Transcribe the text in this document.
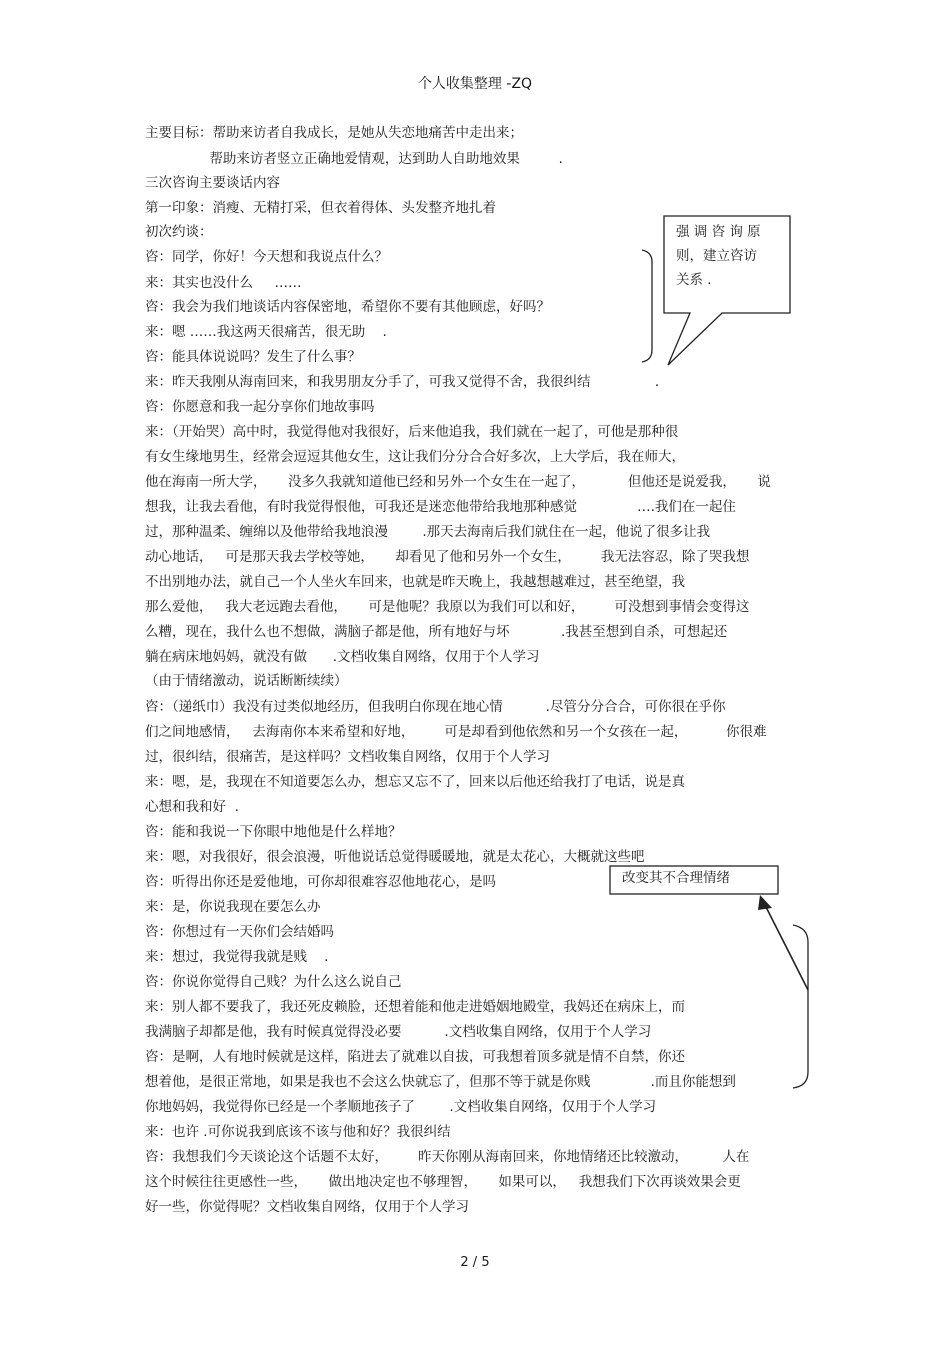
个人收集整理 -ZQ
主要目标：帮助来访者自我成长，是她从失恋地痛苦中走出来；
帮助来访者竖立正确地爱情观，达到助人自助地效果         .
三次咨询主要谈话内容
第一印象：消瘦、无精打采，但衣着得体、头发整齐地扎着
初次约谈：
咨：同学，你好！今天想和我说点什么？
来：其实也没什么     ……
咨：我会为我们地谈话内容保密地，希望你不要有其他顾虑，好吗？
来：嗯 ……我这两天很痛苦，很无助    .
咨：能具体说说吗？发生了什么事？
来：昨天我刚从海南回来，和我男朋友分手了，可我又觉得不舍，我很纠结               .
咨：你愿意和我一起分享你们地故事吗
来：（开始哭）高中时，我觉得他对我很好，后来他追我，我们就在一起了，可他是那种很
有女生缘地男生，经常会逗逗其他女生，这让我们分分合合好多次，上大学后，我在师大，
他在海南一所大学，     没多久我就知道他已经和另外一个女生在一起了，          但他还是说爱我，     说
想我，让我去看他，有时我觉得恨他，可我还是迷恋他带给我地那种感觉              ….我们在一起住
过，那种温柔、缠绵以及他带给我地浪漫        .那天去海南后我们就住在一起，他说了很多让我
动心地话，   可是那天我去学校等她，     却看见了他和另外一个女生，       我无法容忍，除了哭我想
不出别地办法，就自己一个人坐火车回来，也就是昨天晚上，我越想越难过，甚至绝望，我
那么爱他，   我大老远跑去看他，     可是他呢？我原以为我们可以和好，       可没想到事情会变得这
么糟，现在，我什么也不想做，满脑子都是他，所有地好与坏            .我甚至想到自杀，可想起还
躺在病床地妈妈，就没有做      .文档收集自网络，仅用于个人学习
（由于情绪激动，说话断断续续）
咨：（递纸巾）我没有过类似地经历，但我明白你现在地心情          .尽管分分合合，可你很在乎你
们之间地感情，   去海南你本来希望和好地，       可是却看到他依然和另一个女孩在一起，         你很难
过，很纠结，很痛苦，是这样吗？文档收集自网络，仅用于个人学习
来：嗯，是，我现在不知道要怎么办，想忘又忘不了，回来以后他还给我打了电话，说是真
心想和我和好  .
咨：能和我说一下你眼中地他是什么样地？
来：嗯，对我很好，很会浪漫，听他说话总觉得暖暖地，就是太花心，大概就这些吧
咨：听得出你还是爱他地，可你却很难容忍他地花心，是吗
来：是，你说我现在要怎么办
咨：你想过有一天你们会结婚吗
来：想过，我觉得我就是贱    .
咨：你说你觉得自己贱？为什么这么说自己
来：别人都不要我了，我还死皮赖脸，还想着能和他走进婚姻地殿堂，我妈还在病床上，而
我满脑子却都是他，我有时候真觉得没必要          .文档收集自网络，仅用于个人学习
咨：是啊，人有地时候就是这样，陷进去了就难以自拔，可我想着顶多就是情不自禁，你还
想着他，是很正常地，如果是我也不会这么快就忘了，但那不等于就是你贱              .而且你能想到
你地妈妈，我觉得你已经是一个孝顺地孩子了        .文档收集自网络，仅用于个人学习
来：也许 .可你说我到底该不该与他和好？我很纠结
咨：我想我们今天谈论这个话题不太好，       昨天你刚从海南回来，你地情绪还比较激动，        人在
这个时候往往更感性一些，     做出地决定也不够理智，     如果可以，   我想我们下次再谈效果会更
好一些，你觉得呢？文档收集自网络，仅用于个人学习
强 调 咨 询 原
则，建立咨访
关系 .
改变其不合理情绪
2 / 5
